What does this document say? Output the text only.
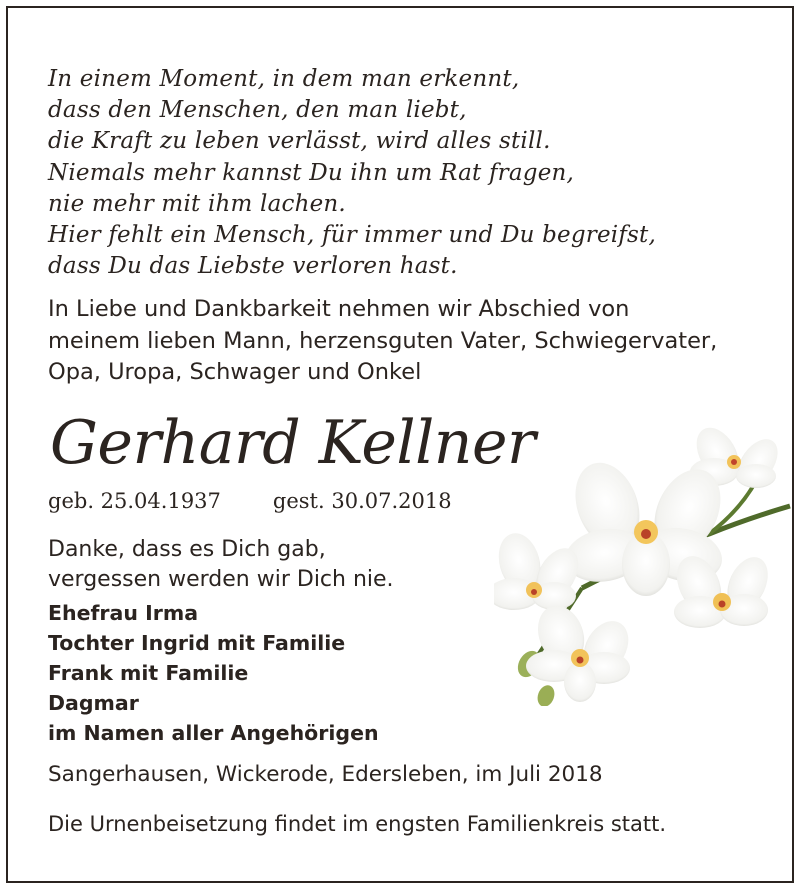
In einem Moment, in dem man erkennt,
dass den Menschen, den man liebt,
die Kraft zu leben verlässt, wird alles still.
Niemals mehr kannst Du ihn um Rat fragen,
nie mehr mit ihm lachen.
Hier fehlt ein Mensch, für immer und Du begreifst,
dass Du das Liebste verloren hast.
In Liebe und Dankbarkeit nehmen wir Abschied von
meinem lieben Mann, herzensguten Vater, Schwiegervater,
Opa, Uropa, Schwager und Onkel
Gerhard Kellner
geb. 25.04.1937 gest. 30.07.2018
Danke, dass es Dich gab,
vergessen werden wir Dich nie.
Ehefrau Irma
Tochter Ingrid mit Familie
Frank mit Familie
Dagmar
im Namen aller Angehörigen
Sangerhausen, Wickerode, Edersleben, im Juli 2018
Die Urnenbeisetzung findet im engsten Familienkreis statt.
